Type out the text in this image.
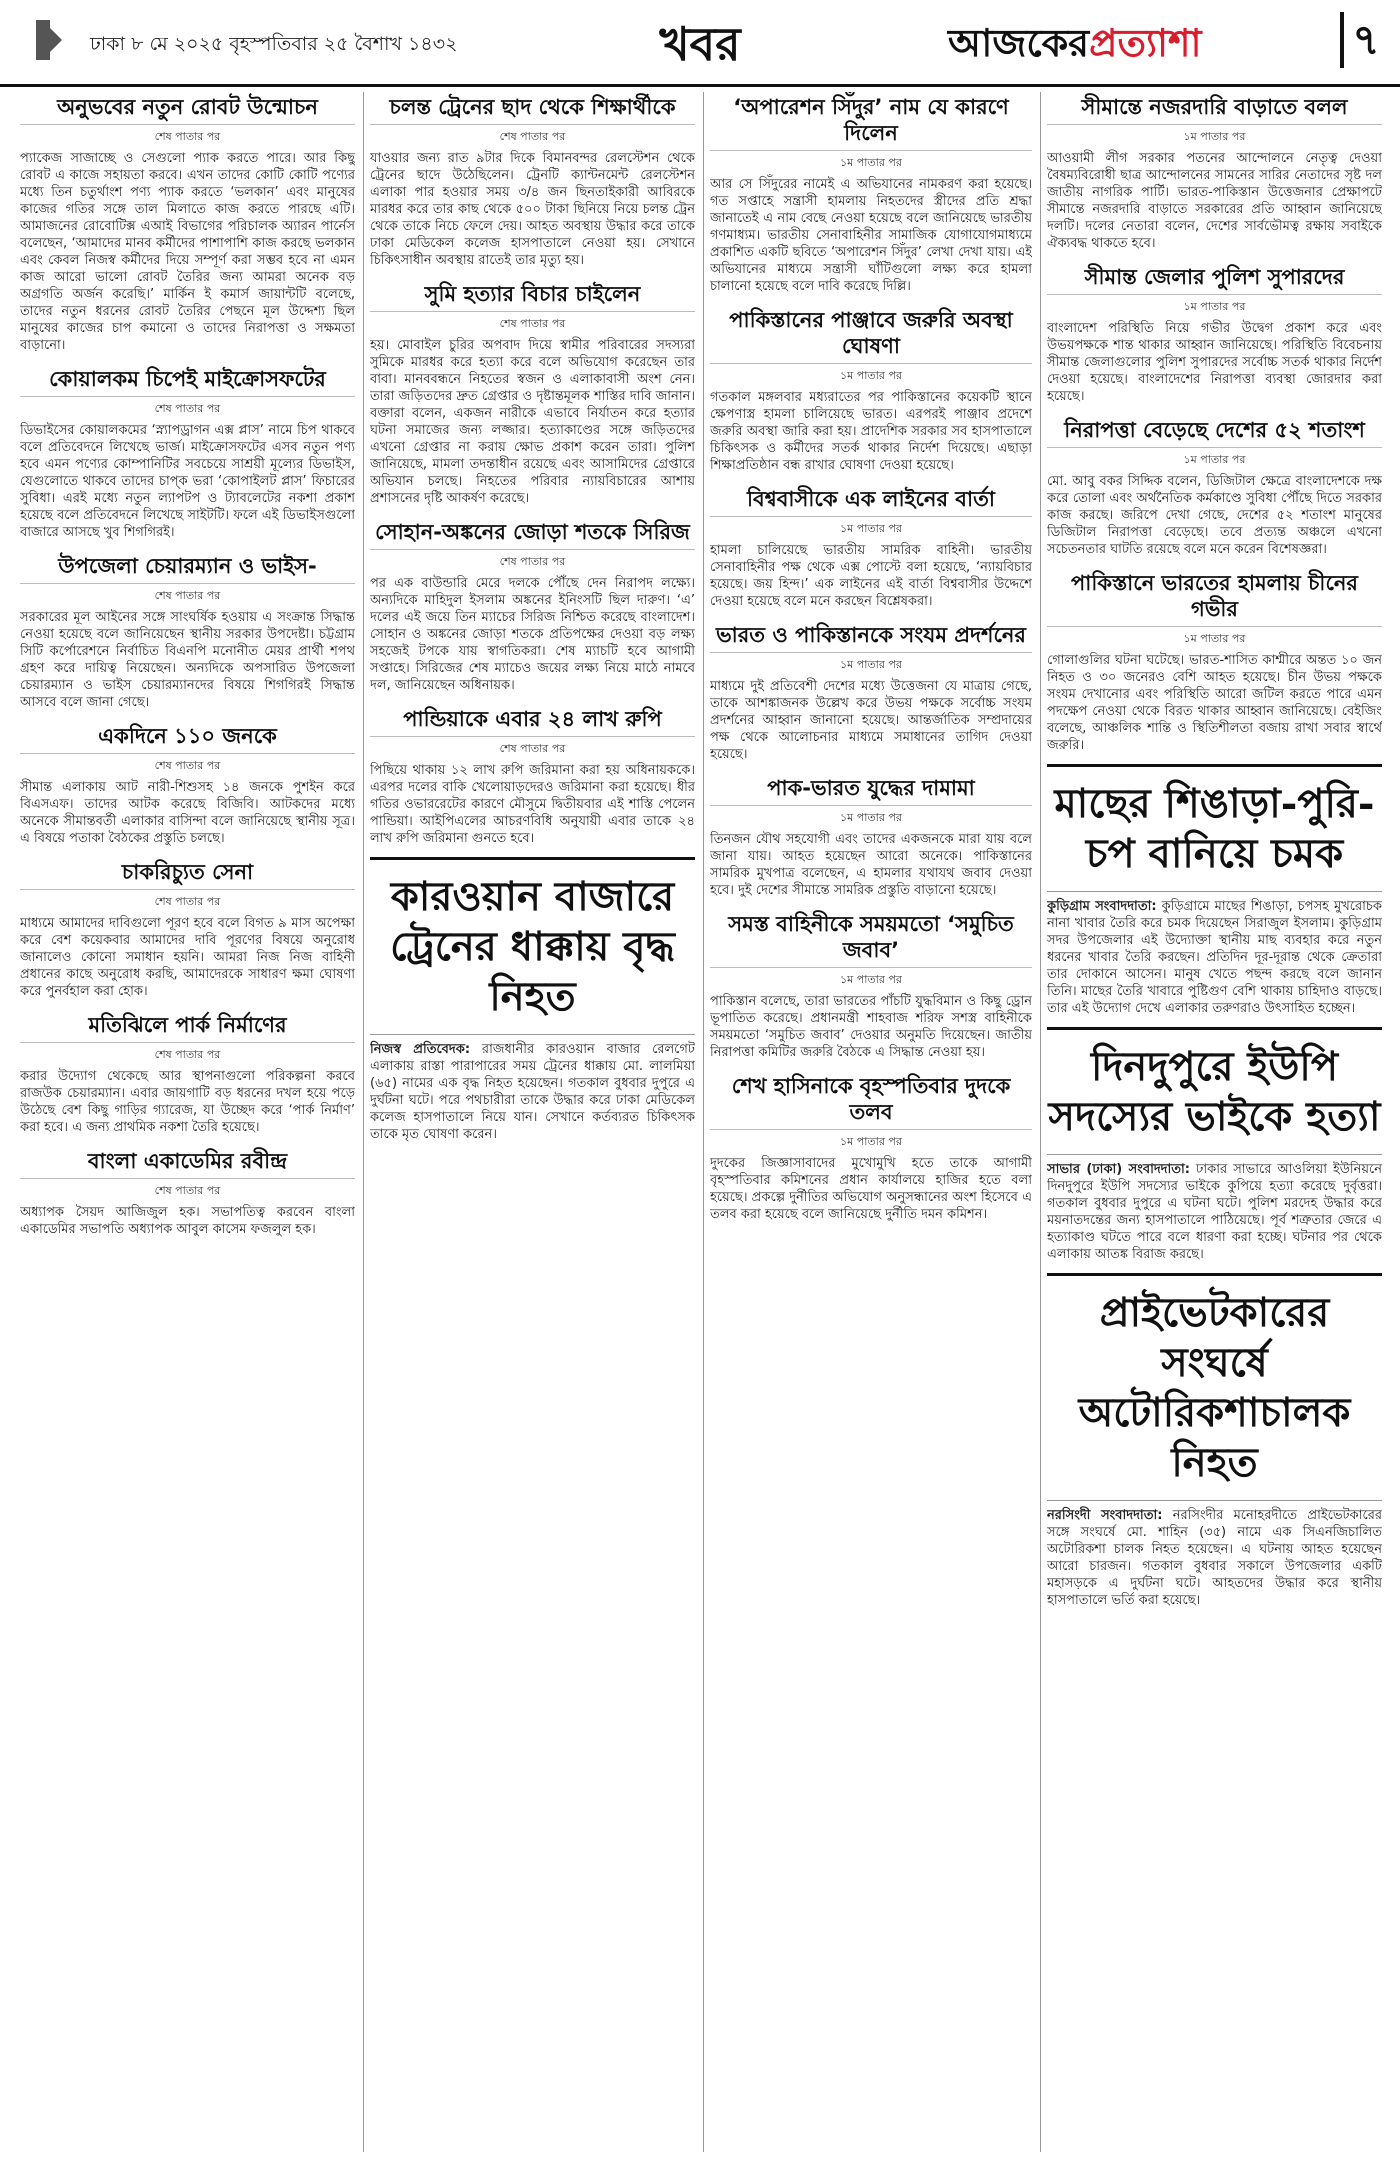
ঢাকা ৮ মে ২০২৫ বৃহস্পতিবার ২৫ বৈশাখ ১৪৩২	খবর	আজকেরপ্রত্যাশা	৭
অনুভবের নতুন রোবট উন্মোচন
শেষ পাতার পর
প্যাকেজ সাজাচ্ছে ও সেগুলো প্যাক করতে পারে। আর কিছু রোবট এ কাজে সহায়তা করবে। এখন তাদের কোটি কোটি পণ্যের মধ্যে তিন চতুর্থাংশ পণ্য প্যাক করতে ‘ভলকান’ এবং মানুষের কাজের গতির সঙ্গে তাল মিলাতে কাজ করতে পারছে এটি। আমাজনের রোবোটিক্স এআই বিভাগের পরিচালক অ্যারন পার্নেস বলেছেন, ‘আমাদের মানব কর্মীদের পাশাপাশি কাজ করছে ভলকান এবং কেবল নিজস্ব কর্মীদের দিয়ে সম্পূর্ণ করা সম্ভব হবে না এমন কাজ আরো ভালো রোবট তৈরির জন্য আমরা অনেক বড় অগ্রগতি অর্জন করেছি।’ মার্কিন ই কমার্স জায়ান্টটি বলেছে, তাদের নতুন ধরনের রোবট তৈরির পেছনে মূল উদ্দেশ্য ছিল মানুষের কাজের চাপ কমানো ও তাদের নিরাপত্তা ও সক্ষমতা বাড়ানো।
কোয়ালকম চিপেই মাইক্রোসফটের
শেষ পাতার পর
ডিভাইসের কোয়ালকমের ‘স্ন্যাপড্রাগন এক্স প্লাস’ নামে চিপ থাকবে বলে প্রতিবেদনে লিখেছে ভার্জ। মাইক্রোসফটের এসব নতুন পণ্য হবে এমন পণ্যের কোম্পানিটির সবচেয়ে সাশ্রয়ী মূল্যের ডিভাইস, যেগুলোতে থাকবে তাদের চাপ্ক ভরা ‘কোপাইলট প্লাস’ ফিচারের সুবিধা। এরই মধ্যে নতুন ল্যাপটপ ও ট্যাবলেটের নকশা প্রকাশ হয়েছে বলে প্রতিবেদনে লিখেছে সাইটটি। ফলে এই ডিভাইসগুলো বাজারে আসছে খুব শিগগিরই।
উপজেলা চেয়ারম্যান ও ভাইস-
শেষ পাতার পর
সরকারের মূল আইনের সঙ্গে সাংঘর্ষিক হওয়ায় এ সংক্রান্ত সিদ্ধান্ত নেওয়া হয়েছে বলে জানিয়েছেন স্থানীয় সরকার উপদেষ্টা। চট্টগ্রাম সিটি কর্পোরেশনে নির্বাচিত বিএনপি মনোনীত মেয়র প্রার্থী শপথ গ্রহণ করে দায়িত্ব নিয়েছেন। অন্যদিকে অপসারিত উপজেলা চেয়ারম্যান ও ভাইস চেয়ারম্যানদের বিষয়ে শিগগিরই সিদ্ধান্ত আসবে বলে জানা গেছে।
একদিনে ১১০ জনকে
শেষ পাতার পর
সীমান্ত এলাকায় আট নারী-শিশুসহ ১৪ জনকে পুশইন করে বিএসএফ। তাদের আটক করেছে বিজিবি। আটকদের মধ্যে অনেকে সীমান্তবর্তী এলাকার বাসিন্দা বলে জানিয়েছে স্থানীয় সূত্র। এ বিষয়ে পতাকা বৈঠকের প্রস্তুতি চলছে।
চাকরিচ্যুত সেনা
শেষ পাতার পর
মাধ্যমে আমাদের দাবিগুলো পূরণ হবে বলে বিগত ৯ মাস অপেক্ষা করে বেশ কয়েকবার আমাদের দাবি পূরণের বিষয়ে অনুরোধ জানালেও কোনো সমাধান হয়নি। আমরা নিজ নিজ বাহিনী প্রধানের কাছে অনুরোধ করছি, আমাদেরকে সাধারণ ক্ষমা ঘোষণা করে পুনর্বহাল করা হোক।
মতিঝিলে পার্ক নির্মাণের
শেষ পাতার পর
করার উদ্যোগ থেকেছে আর স্থাপনাগুলো পরিকল্পনা করবে রাজউক চেয়ারম্যান। এবার জায়গাটি বড় ধরনের দখল হয়ে পড়ে উঠেছে বেশ কিছু গাড়ির গ্যারেজ, যা উচ্ছেদ করে ‘পার্ক নির্মাণ’ করা হবে। এ জন্য প্রাথমিক নকশা তৈরি হয়েছে।
বাংলা একাডেমির রবীন্দ্র
শেষ পাতার পর
অধ্যাপক সৈয়দ আজিজুল হক। সভাপতিত্ব করবেন বাংলা একাডেমির সভাপতি অধ্যাপক আবুল কাসেম ফজলুল হক।
চলন্ত ট্রেনের ছাদ থেকে শিক্ষার্থীকে
শেষ পাতার পর
যাওয়ার জন্য রাত ৯টার দিকে বিমানবন্দর রেলস্টেশন থেকে ট্রেনের ছাদে উঠেছিলেন। ট্রেনটি ক্যান্টনমেন্ট রেলস্টেশন এলাকা পার হওয়ার সময় ৩/৪ জন ছিনতাইকারী আবিরকে মারধর করে তার কাছ থেকে ৫০০ টাকা ছিনিয়ে নিয়ে চলন্ত ট্রেন থেকে তাকে নিচে ফেলে দেয়। আহত অবস্থায় উদ্ধার করে তাকে ঢাকা মেডিকেল কলেজ হাসপাতালে নেওয়া হয়। সেখানে চিকিৎসাধীন অবস্থায় রাতেই তার মৃত্যু হয়।
সুমি হত্যার বিচার চাইলেন
শেষ পাতার পর
হয়। মোবাইল চুরির অপবাদ দিয়ে স্বামীর পরিবারের সদস্যরা সুমিকে মারধর করে হত্যা করে বলে অভিযোগ করেছেন তার বাবা। মানববন্ধনে নিহতের স্বজন ও এলাকাবাসী অংশ নেন। তারা জড়িতদের দ্রুত গ্রেপ্তার ও দৃষ্টান্তমূলক শাস্তির দাবি জানান। বক্তারা বলেন, একজন নারীকে এভাবে নির্যাতন করে হত্যার ঘটনা সমাজের জন্য লজ্জার। হত্যাকাণ্ডের সঙ্গে জড়িতদের এখনো গ্রেপ্তার না করায় ক্ষোভ প্রকাশ করেন তারা। পুলিশ জানিয়েছে, মামলা তদন্তাধীন রয়েছে এবং আসামিদের গ্রেপ্তারে অভিযান চলছে। নিহতের পরিবার ন্যায়বিচারের আশায় প্রশাসনের দৃষ্টি আকর্ষণ করেছে।
সোহান-অঙ্কনের জোড়া শতকে সিরিজ
শেষ পাতার পর
পর এক বাউন্ডারি মেরে দলকে পৌঁছে দেন নিরাপদ লক্ষ্যে। অন্যদিকে মাহিদুল ইসলাম অঙ্কনের ইনিংসটি ছিল দারুণ। ‘এ’ দলের এই জয়ে তিন ম্যাচের সিরিজ নিশ্চিত করেছে বাংলাদেশ। সোহান ও অঙ্কনের জোড়া শতকে প্রতিপক্ষের দেওয়া বড় লক্ষ্য সহজেই টপকে যায় স্বাগতিকরা। শেষ ম্যাচটি হবে আগামী সপ্তাহে। সিরিজের শেষ ম্যাচেও জয়ের লক্ষ্য নিয়ে মাঠে নামবে দল, জানিয়েছেন অধিনায়ক।
পান্ডিয়াকে এবার ২৪ লাখ রুপি
শেষ পাতার পর
পিছিয়ে থাকায় ১২ লাখ রুপি জরিমানা করা হয় অধিনায়ককে। এরপর দলের বাকি খেলোয়াড়দেরও জরিমানা করা হয়েছে। ধীর গতির ওভাররেটের কারণে মৌসুমে দ্বিতীয়বার এই শাস্তি পেলেন পান্ডিয়া। আইপিএলের আচরণবিধি অনুযায়ী এবার তাকে ২৪ লাখ রুপি জরিমানা গুনতে হবে।
কারওয়ান বাজারে ট্রেনের ধাক্কায় বৃদ্ধ নিহত
নিজস্ব প্রতিবেদক: রাজধানীর কারওয়ান বাজার রেলগেট এলাকায় রাস্তা পারাপারের সময় ট্রেনের ধাক্কায় মো. লালমিয়া (৬৫) নামের এক বৃদ্ধ নিহত হয়েছেন। গতকাল বুধবার দুপুরে এ দুর্ঘটনা ঘটে। পরে পথচারীরা তাকে উদ্ধার করে ঢাকা মেডিকেল কলেজ হাসপাতালে নিয়ে যান। সেখানে কর্তব্যরত চিকিৎসক তাকে মৃত ঘোষণা করেন।
‘অপারেশন সিঁদুর’ নাম যে কারণে দিলেন
১ম পাতার পর
আর সে সিঁদুরের নামেই এ অভিযানের নামকরণ করা হয়েছে। গত সপ্তাহে সন্ত্রাসী হামলায় নিহতদের স্ত্রীদের প্রতি শ্রদ্ধা জানাতেই এ নাম বেছে নেওয়া হয়েছে বলে জানিয়েছে ভারতীয় গণমাধ্যম। ভারতীয় সেনাবাহিনীর সামাজিক যোগাযোগমাধ্যমে প্রকাশিত একটি ছবিতে ‘অপারেশন সিঁদুর’ লেখা দেখা যায়। এই অভিযানের মাধ্যমে সন্ত্রাসী ঘাঁটিগুলো লক্ষ্য করে হামলা চালানো হয়েছে বলে দাবি করেছে দিল্লি।
পাকিস্তানের পাঞ্জাবে জরুরি অবস্থা ঘোষণা
১ম পাতার পর
গতকাল মঙ্গলবার মধ্যরাতের পর পাকিস্তানের কয়েকটি স্থানে ক্ষেপণাস্ত্র হামলা চালিয়েছে ভারত। এরপরই পাঞ্জাব প্রদেশে জরুরি অবস্থা জারি করা হয়। প্রাদেশিক সরকার সব হাসপাতালে চিকিৎসক ও কর্মীদের সতর্ক থাকার নির্দেশ দিয়েছে। এছাড়া শিক্ষাপ্রতিষ্ঠান বন্ধ রাখার ঘোষণা দেওয়া হয়েছে।
বিশ্ববাসীকে এক লাইনের বার্তা
১ম পাতার পর
হামলা চালিয়েছে ভারতীয় সামরিক বাহিনী। ভারতীয় সেনাবাহিনীর পক্ষ থেকে এক্স পোস্টে বলা হয়েছে, ‘ন্যায়বিচার হয়েছে। জয় হিন্দ।’ এক লাইনের এই বার্তা বিশ্ববাসীর উদ্দেশে দেওয়া হয়েছে বলে মনে করছেন বিশ্লেষকরা।
ভারত ও পাকিস্তানকে সংযম প্রদর্শনের
১ম পাতার পর
মাধ্যমে দুই প্রতিবেশী দেশের মধ্যে উত্তেজনা যে মাত্রায় গেছে, তাকে আশঙ্কাজনক উল্লেখ করে উভয় পক্ষকে সর্বোচ্চ সংযম প্রদর্শনের আহ্বান জানানো হয়েছে। আন্তর্জাতিক সম্প্রদায়ের পক্ষ থেকে আলোচনার মাধ্যমে সমাধানের তাগিদ দেওয়া হয়েছে।
পাক-ভারত যুদ্ধের দামামা
১ম পাতার পর
তিনজন যৌথ সহযোগী এবং তাদের একজনকে মারা যায় বলে জানা যায়। আহত হয়েছেন আরো অনেকে। পাকিস্তানের সামরিক মুখপাত্র বলেছেন, এ হামলার যথাযথ জবাব দেওয়া হবে। দুই দেশের সীমান্তে সামরিক প্রস্তুতি বাড়ানো হয়েছে।
সমস্ত বাহিনীকে সময়মতো ‘সমুচিত জবাব’
১ম পাতার পর
পাকিস্তান বলেছে, তারা ভারতের পাঁচটি যুদ্ধবিমান ও কিছু ড্রোন ভূপাতিত করেছে। প্রধানমন্ত্রী শাহবাজ শরিফ সশস্ত্র বাহিনীকে সময়মতো ‘সমুচিত জবাব’ দেওয়ার অনুমতি দিয়েছেন। জাতীয় নিরাপত্তা কমিটির জরুরি বৈঠকে এ সিদ্ধান্ত নেওয়া হয়।
শেখ হাসিনাকে বৃহস্পতিবার দুদকে তলব
১ম পাতার পর
দুদকের জিজ্ঞাসাবাদের মুখোমুখি হতে তাকে আগামী বৃহস্পতিবার কমিশনের প্রধান কার্যালয়ে হাজির হতে বলা হয়েছে। প্রকল্পে দুর্নীতির অভিযোগ অনুসন্ধানের অংশ হিসেবে এ তলব করা হয়েছে বলে জানিয়েছে দুর্নীতি দমন কমিশন।
সীমান্তে নজরদারি বাড়াতে বলল
১ম পাতার পর
আওয়ামী লীগ সরকার পতনের আন্দোলনে নেতৃত্ব দেওয়া বৈষম্যবিরোধী ছাত্র আন্দোলনের সামনের সারির নেতাদের সৃষ্ট দল জাতীয় নাগরিক পার্টি। ভারত-পাকিস্তান উত্তেজনার প্রেক্ষাপটে সীমান্তে নজরদারি বাড়াতে সরকারের প্রতি আহ্বান জানিয়েছে দলটি। দলের নেতারা বলেন, দেশের সার্বভৌমত্ব রক্ষায় সবাইকে ঐক্যবদ্ধ থাকতে হবে।
সীমান্ত জেলার পুলিশ সুপারদের
১ম পাতার পর
বাংলাদেশ পরিস্থিতি নিয়ে গভীর উদ্বেগ প্রকাশ করে এবং উভয়পক্ষকে শান্ত থাকার আহ্বান জানিয়েছে। পরিস্থিতি বিবেচনায় সীমান্ত জেলাগুলোর পুলিশ সুপারদের সর্বোচ্চ সতর্ক থাকার নির্দেশ দেওয়া হয়েছে। বাংলাদেশের নিরাপত্তা ব্যবস্থা জোরদার করা হয়েছে।
নিরাপত্তা বেড়েছে দেশের ৫২ শতাংশ
১ম পাতার পর
মো. আবু বকর সিদ্দিক বলেন, ডিজিটাল ক্ষেত্রে বাংলাদেশকে দক্ষ করে তোলা এবং অর্থনৈতিক কর্মকাণ্ডে সুবিধা পৌঁছে দিতে সরকার কাজ করছে। জরিপে দেখা গেছে, দেশের ৫২ শতাংশ মানুষের ডিজিটাল নিরাপত্তা বেড়েছে। তবে প্রত্যন্ত অঞ্চলে এখনো সচেতনতার ঘাটতি রয়েছে বলে মনে করেন বিশেষজ্ঞরা।
পাকিস্তানে ভারতের হামলায় চীনের গভীর
১ম পাতার পর
গোলাগুলির ঘটনা ঘটেছে। ভারত-শাসিত কাশ্মীরে অন্তত ১০ জন নিহত ও ৩০ জনেরও বেশি আহত হয়েছে। চীন উভয় পক্ষকে সংযম দেখানোর এবং পরিস্থিতি আরো জটিল করতে পারে এমন পদক্ষেপ নেওয়া থেকে বিরত থাকার আহ্বান জানিয়েছে। বেইজিং বলেছে, আঞ্চলিক শান্তি ও স্থিতিশীলতা বজায় রাখা সবার স্বার্থে জরুরি।
মাছের শিঙাড়া-পুরি-চপ বানিয়ে চমক
কুড়িগ্রাম সংবাদদাতা: কুড়িগ্রামে মাছের শিঙাড়া, চপসহ মুখরোচক নানা খাবার তৈরি করে চমক দিয়েছেন সিরাজুল ইসলাম। কুড়িগ্রাম সদর উপজেলার এই উদ্যোক্তা স্থানীয় মাছ ব্যবহার করে নতুন ধরনের খাবার তৈরি করছেন। প্রতিদিন দূর-দূরান্ত থেকে ক্রেতারা তার দোকানে আসেন। মানুষ খেতে পছন্দ করছে বলে জানান তিনি। মাছের তৈরি খাবারে পুষ্টিগুণ বেশি থাকায় চাহিদাও বাড়ছে। তার এই উদ্যোগ দেখে এলাকার তরুণরাও উৎসাহিত হচ্ছেন।
দিনদুপুরে ইউপি সদস্যের ভাইকে হত্যা
সাভার (ঢাকা) সংবাদদাতা: ঢাকার সাভারে আওলিয়া ইউনিয়নে দিনদুপুরে ইউপি সদস্যের ভাইকে কুপিয়ে হত্যা করেছে দুর্বৃত্তরা। গতকাল বুধবার দুপুরে এ ঘটনা ঘটে। পুলিশ মরদেহ উদ্ধার করে ময়নাতদন্তের জন্য হাসপাতালে পাঠিয়েছে। পূর্ব শত্রুতার জেরে এ হত্যাকাণ্ড ঘটতে পারে বলে ধারণা করা হচ্ছে। ঘটনার পর থেকে এলাকায় আতঙ্ক বিরাজ করছে।
প্রাইভেটকারের সংঘর্ষে অটোরিকশাচালক নিহত
নরসিংদী সংবাদদাতা: নরসিংদীর মনোহরদীতে প্রাইভেটকারের সঙ্গে সংঘর্ষে মো. শাহিন (৩৫) নামে এক সিএনজিচালিত অটোরিকশা চালক নিহত হয়েছেন। এ ঘটনায় আহত হয়েছেন আরো চারজন। গতকাল বুধবার সকালে উপজেলার একটি মহাসড়কে এ দুর্ঘটনা ঘটে। আহতদের উদ্ধার করে স্থানীয় হাসপাতালে ভর্তি করা হয়েছে।
